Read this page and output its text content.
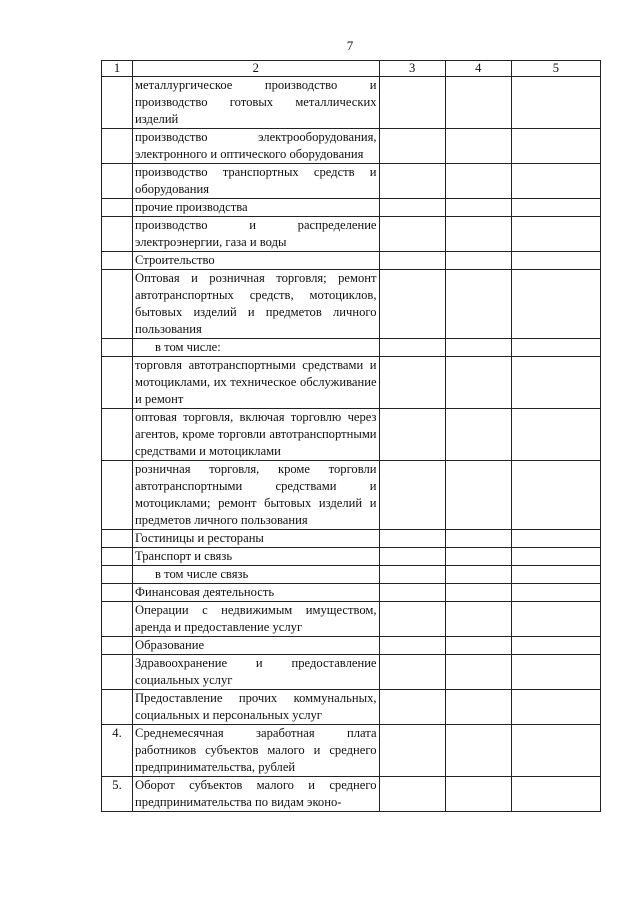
7
1	2	3	4	5
	металлургическое производство и производство готовых металлических изделий			
	производство электрооборудования, электронного и оптического оборудования			
	производство транспортных средств и оборудования			
	прочие производства			
	производство и распределение электроэнергии, газа и воды			
	Строительство			
	Оптовая и розничная торговля; ремонт автотранспортных средств, мотоциклов, бытовых изделий и предметов личного пользования			
	в том числе:			
	торговля автотранспортными средствами и мотоциклами, их техническое обслуживание и ремонт			
	оптовая торговля, включая торговлю через агентов, кроме торговли автотранспортными средствами и мотоциклами			
	розничная торговля, кроме торговли автотранспортными средствами и мотоциклами; ремонт бытовых изделий и предметов личного пользования			
	Гостиницы и рестораны			
	Транспорт и связь			
	в том числе связь			
	Финансовая деятельность			
	Операции с недвижимым имуществом, аренда и предоставление услуг			
	Образование			
	Здравоохранение и предоставление социальных услуг			
	Предоставление прочих коммунальных, социальных и персональных услуг			
4.	Среднемесячная заработная плата работников субъектов малого и среднего предпринимательства, рублей			
5.	Оборот субъектов малого и среднего предпринимательства по видам эконо-			
